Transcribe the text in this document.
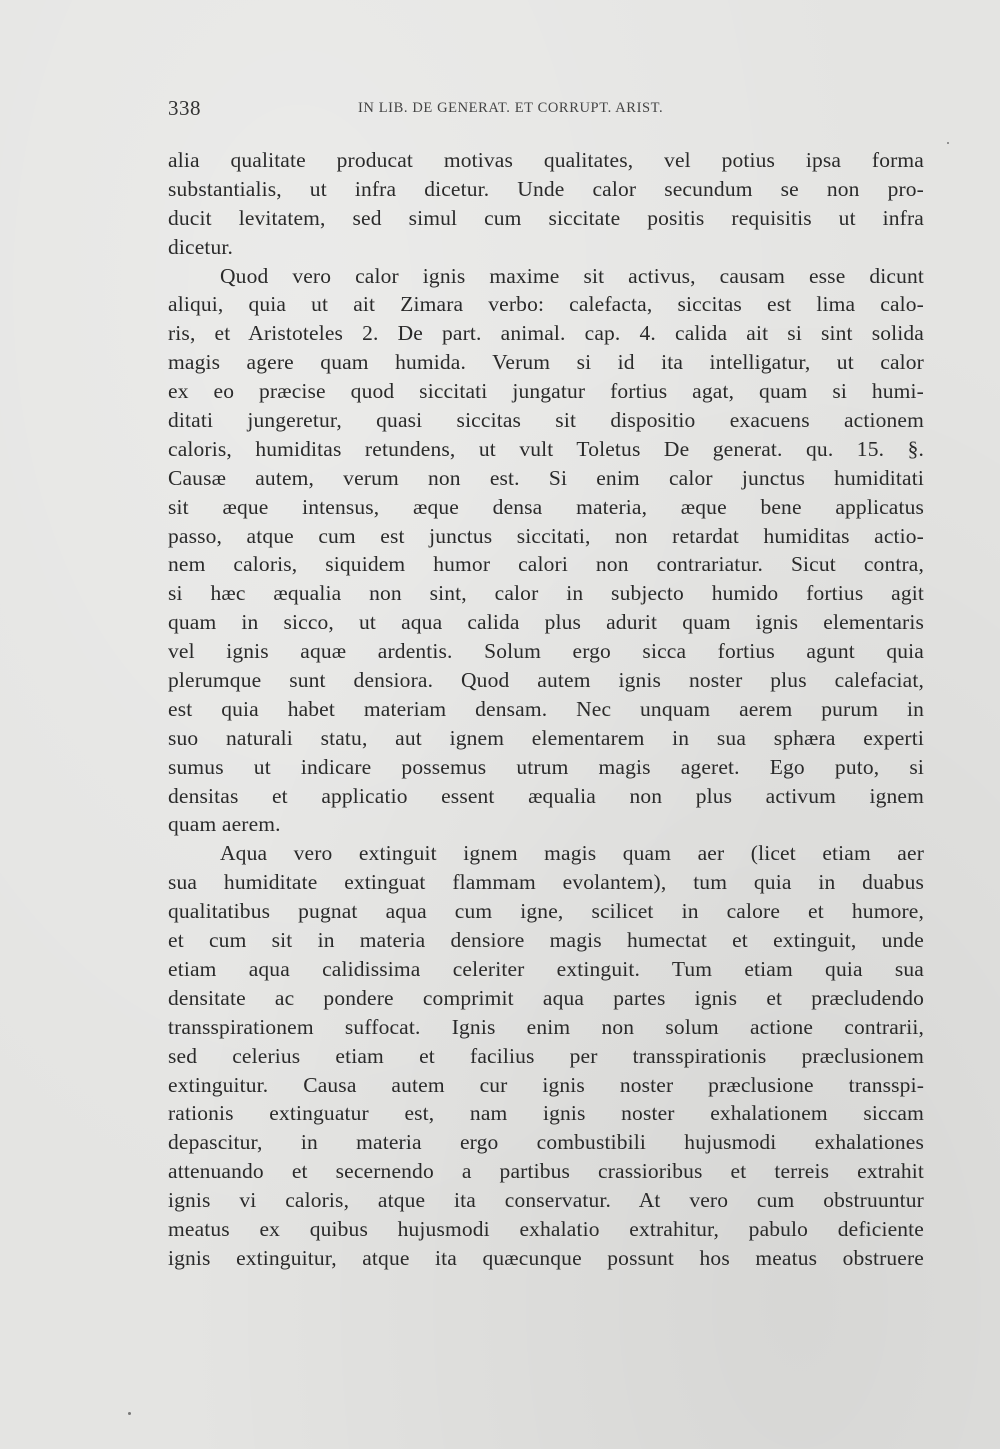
338	IN LIB. DE GENERAT. ET CORRUPT. ARIST.
alia qualitate producat motivas qualitates, vel potius ipsa forma
substantialis, ut infra dicetur. Unde calor secundum se non pro-
ducit levitatem, sed simul cum siccitate positis requisitis ut infra
dicetur.
Quod vero calor ignis maxime sit activus, causam esse dicunt
aliqui, quia ut ait Zimara verbo: calefacta, siccitas est lima calo-
ris, et Aristoteles 2. De part. animal. cap. 4. calida ait si sint solida
magis agere quam humida. Verum si id ita intelligatur, ut calor
ex eo præcise quod siccitati jungatur fortius agat, quam si humi-
ditati jungeretur, quasi siccitas sit dispositio exacuens actionem
caloris, humiditas retundens, ut vult Toletus De generat. qu. 15. §.
Causæ autem, verum non est. Si enim calor junctus humiditati
sit æque intensus, æque densa materia, æque bene applicatus
passo, atque cum est junctus siccitati, non retardat humiditas actio-
nem caloris, siquidem humor calori non contrariatur. Sicut contra,
si hæc æqualia non sint, calor in subjecto humido fortius agit
quam in sicco, ut aqua calida plus adurit quam ignis elementaris
vel ignis aquæ ardentis. Solum ergo sicca fortius agunt quia
plerumque sunt densiora. Quod autem ignis noster plus calefaciat,
est quia habet materiam densam. Nec unquam aerem purum in
suo naturali statu, aut ignem elementarem in sua sphæra experti
sumus ut indicare possemus utrum magis ageret. Ego puto, si
densitas et applicatio essent æqualia non plus activum ignem
quam aerem.
Aqua vero extinguit ignem magis quam aer (licet etiam aer
sua humiditate extinguat flammam evolantem), tum quia in duabus
qualitatibus pugnat aqua cum igne, scilicet in calore et humore,
et cum sit in materia densiore magis humectat et extinguit, unde
etiam aqua calidissima celeriter extinguit. Tum etiam quia sua
densitate ac pondere comprimit aqua partes ignis et præcludendo
transspirationem suffocat. Ignis enim non solum actione contrarii,
sed celerius etiam et facilius per transspirationis præclusionem
extinguitur. Causa autem cur ignis noster præclusione transspi-
rationis extinguatur est, nam ignis noster exhalationem siccam
depascitur, in materia ergo combustibili hujusmodi exhalationes
attenuando et secernendo a partibus crassioribus et terreis extrahit
ignis vi caloris, atque ita conservatur. At vero cum obstruuntur
meatus ex quibus hujusmodi exhalatio extrahitur, pabulo deficiente
ignis extinguitur, atque ita quæcunque possunt hos meatus obstruere
